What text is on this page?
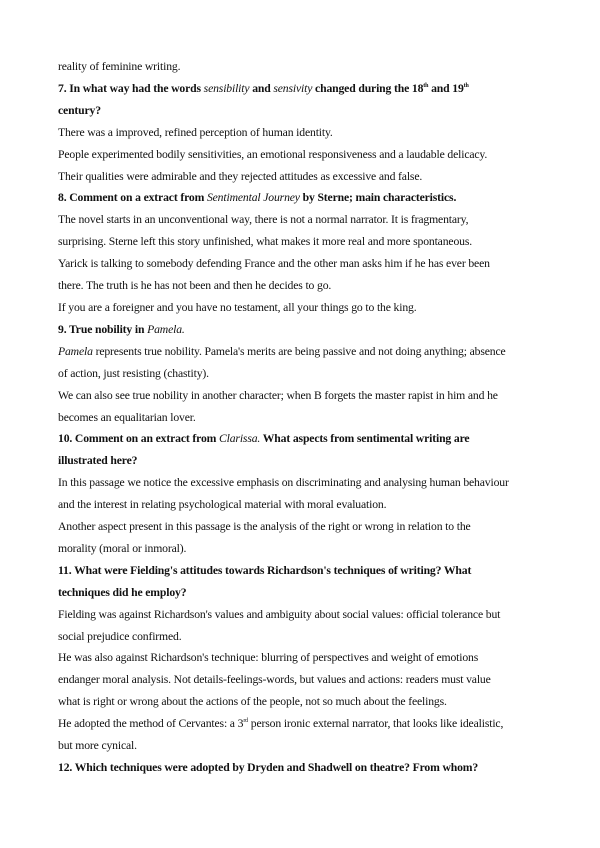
reality of feminine writing.

7. In what way had the words sensibility and sensivity changed during the 18th and 19th

century?

There was a improved, refined perception of human identity.

People experimented bodily sensitivities, an emotional responsiveness and a laudable delicacy.

Their qualities were admirable and they rejected attitudes as excessive and false.

8. Comment on a extract from Sentimental Journey by Sterne; main characteristics.

The novel starts in an unconventional way, there is not a normal narrator. It is fragmentary,

surprising. Sterne left this story unfinished, what makes it more real and more spontaneous.

Yarick is talking to somebody defending France and the other man asks him if he has ever been

there. The truth is he has not been and then he decides to go.

If you are a foreigner and you have no testament, all your things go to the king.

9. True nobility in Pamela.

Pamela represents true nobility. Pamela's merits are being passive and not doing anything; absence

of action, just resisting (chastity).

We can also see true nobility in another character; when B forgets the master rapist in him and he

becomes an equalitarian lover.

10. Comment on an extract from Clarissa. What aspects from sentimental writing are

illustrated here?

In this passage we notice the excessive emphasis on discriminating and analysing human behaviour

and the interest in relating psychological material with moral evaluation.

Another aspect present in this passage is the analysis of the right or wrong in relation to the

morality (moral or inmoral).

11. What were Fielding's attitudes towards Richardson's techniques of writing? What

techniques did he employ?

Fielding was against Richardson's values and ambiguity about social values: official tolerance but

social prejudice confirmed.

He was also against Richardson's technique: blurring of perspectives and weight of emotions

endanger moral analysis. Not details-feelings-words, but values and actions: readers must value

what is right or wrong about the actions of the people, not so much about the feelings.

He adopted the method of Cervantes: a 3rd person ironic external narrator, that looks like idealistic,

but more cynical.

12. Which techniques were adopted by Dryden and Shadwell on theatre? From whom?
